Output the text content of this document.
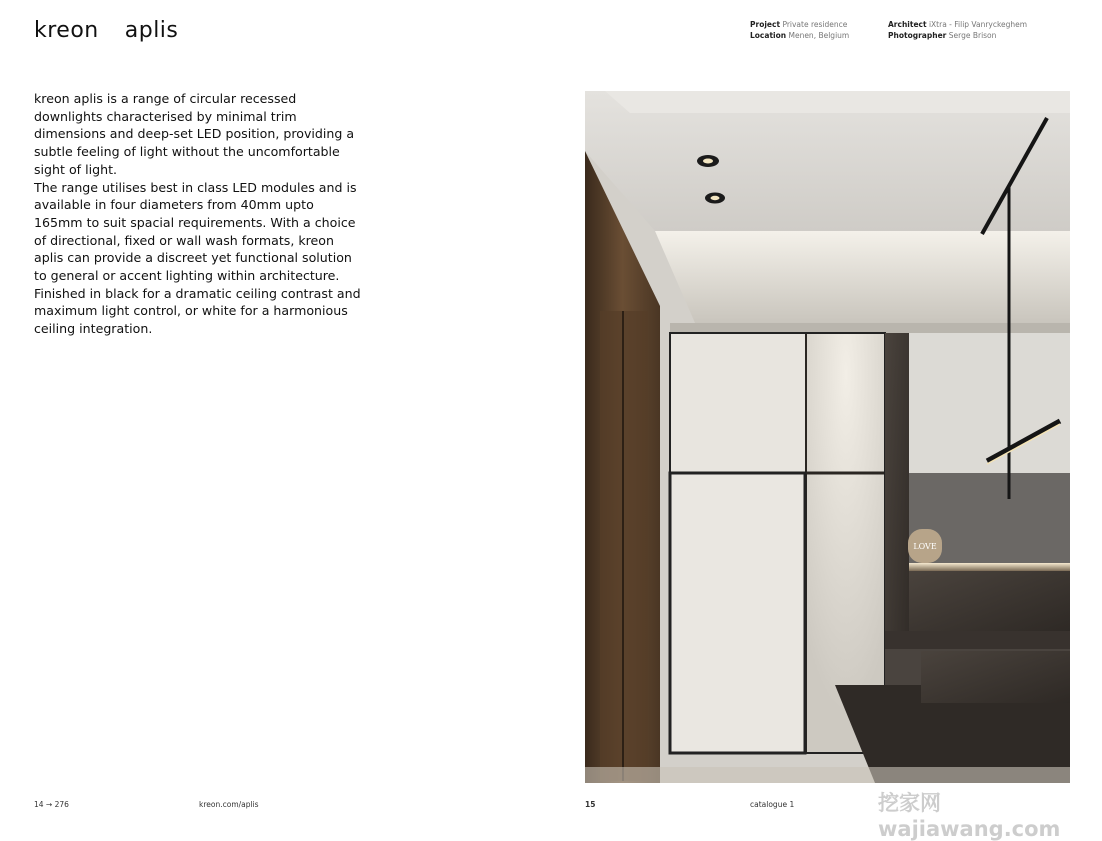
kreon aplis	Project Private residence
Location Menen, Belgium
Architect iXtra - Filip Vanryckeghem
Photographer Serge Brison

kreon aplis is a range of circular recessed downlights characterised by minimal trim dimensions and deep-set LED position, providing a subtle feeling of light without the uncomfortable sight of light.

The range utilises best in class LED modules and is available in four diameters from 40mm upto 165mm to suit spacial requirements. With a choice of directional, fixed or wall wash formats, kreon aplis can provide a discreet yet functional solution to general or accent lighting within architecture. Finished in black for a dramatic ceiling contrast and maximum light control, or white for a harmonious ceiling integration.

LOVE
14 → 276	kreon.com/aplis	15	catalogue 1	挖家网 wajiawang.com
